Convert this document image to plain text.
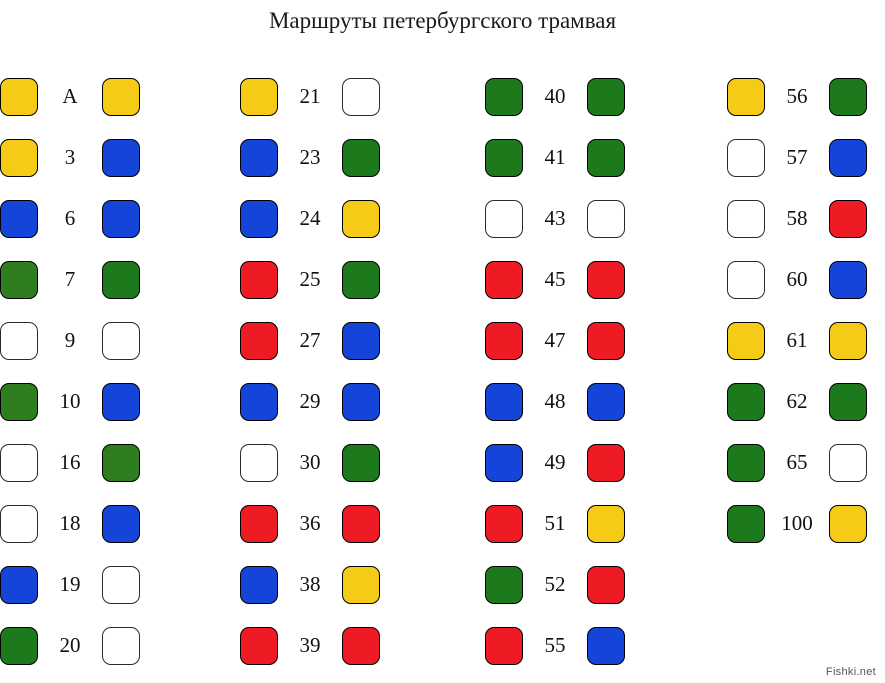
Маршруты петербургского трамвая
А
3
6
7
9
10
16
18
19
20
21
23
24
25
27
29
30
36
38
39
40
41
43
45
47
48
49
51
52
55
56
57
58
60
61
62
65
100
Fishki.net
